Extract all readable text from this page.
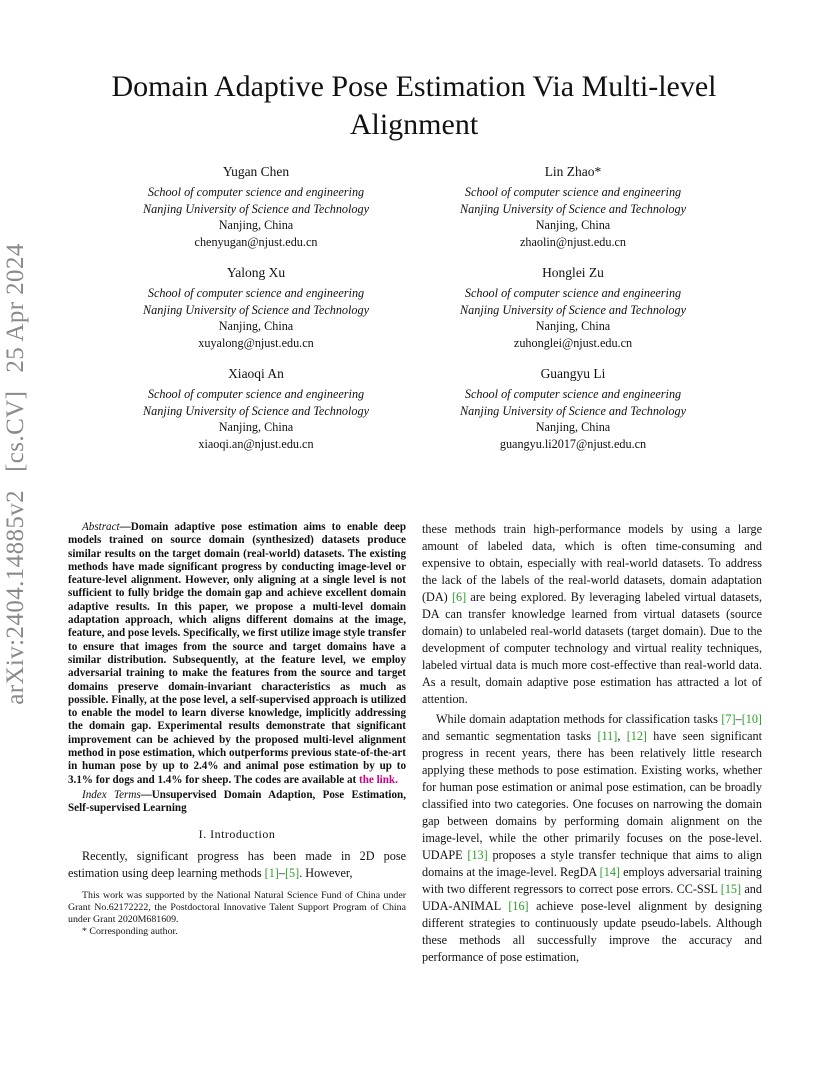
arXiv:2404.14885v2[cs.CV]25 Apr 2024
Domain Adaptive Pose Estimation Via Multi-level
Alignment
Yugan Chen
School of computer science and engineering
Nanjing University of Science and Technology
Nanjing, China
chenyugan@njust.edu.cn
Lin Zhao*
School of computer science and engineering
Nanjing University of Science and Technology
Nanjing, China
zhaolin@njust.edu.cn
Yalong Xu
School of computer science and engineering
Nanjing University of Science and Technology
Nanjing, China
xuyalong@njust.edu.cn
Honglei Zu
School of computer science and engineering
Nanjing University of Science and Technology
Nanjing, China
zuhonglei@njust.edu.cn
Xiaoqi An
School of computer science and engineering
Nanjing University of Science and Technology
Nanjing, China
xiaoqi.an@njust.edu.cn
Guangyu Li
School of computer science and engineering
Nanjing University of Science and Technology
Nanjing, China
guangyu.li2017@njust.edu.cn

Abstract—Domain adaptive pose estimation aims to enable deep models trained on source domain (synthesized) datasets produce similar results on the target domain (real-world) datasets. The existing methods have made significant progress by conducting image-level or feature-level alignment. However, only aligning at a single level is not sufficient to fully bridge the domain gap and achieve excellent domain adaptive results. In this paper, we propose a multi-level domain adaptation approach, which aligns different domains at the image, feature, and pose levels. Specifically, we first utilize image style transfer to ensure that images from the source and target domains have a similar distribution. Subsequently, at the feature level, we employ adversarial training to make the features from the source and target domains preserve domain-invariant characteristics as much as possible. Finally, at the pose level, a self-supervised approach is utilized to enable the model to learn diverse knowledge, implicitly addressing the domain gap. Experimental results demonstrate that significant improvement can be achieved by the proposed multi-level alignment method in pose estimation, which outperforms previous state-of-the-art in human pose by up to 2.4% and animal pose estimation by up to 3.1% for dogs and 1.4% for sheep. The codes are available at the link.

Index Terms—Unsupervised Domain Adaption, Pose Estimation, Self-supervised Learning

I. Introduction

Recently, significant progress has been made in 2D pose estimation using deep learning methods [1]–[5]. However,

This work was supported by the National Natural Science Fund of China under Grant No.62172222, the Postdoctoral Innovative Talent Support Program of China under Grant 2020M681609.

* Corresponding author.

these methods train high-performance models by using a large amount of labeled data, which is often time-consuming and expensive to obtain, especially with real-world datasets. To address the lack of the labels of the real-world datasets, domain adaptation (DA) [6] are being explored. By leveraging labeled virtual datasets, DA can transfer knowledge learned from virtual datasets (source domain) to unlabeled real-world datasets (target domain). Due to the development of computer technology and virtual reality techniques, labeled virtual data is much more cost-effective than real-world data. As a result, domain adaptive pose estimation has attracted a lot of attention.

While domain adaptation methods for classification tasks [7]–[10] and semantic segmentation tasks [11], [12] have seen significant progress in recent years, there has been relatively little research applying these methods to pose estimation. Existing works, whether for human pose estimation or animal pose estimation, can be broadly classified into two categories. One focuses on narrowing the domain gap between domains by performing domain alignment on the image-level, while the other primarily focuses on the pose-level. UDAPE [13] proposes a style transfer technique that aims to align domains at the image-level. RegDA [14] employs adversarial training with two different regressors to correct pose errors. CC-SSL [15] and UDA-ANIMAL [16] achieve pose-level alignment by designing different strategies to continuously update pseudo-labels. Although these methods all successfully improve the accuracy and performance of pose estimation,
